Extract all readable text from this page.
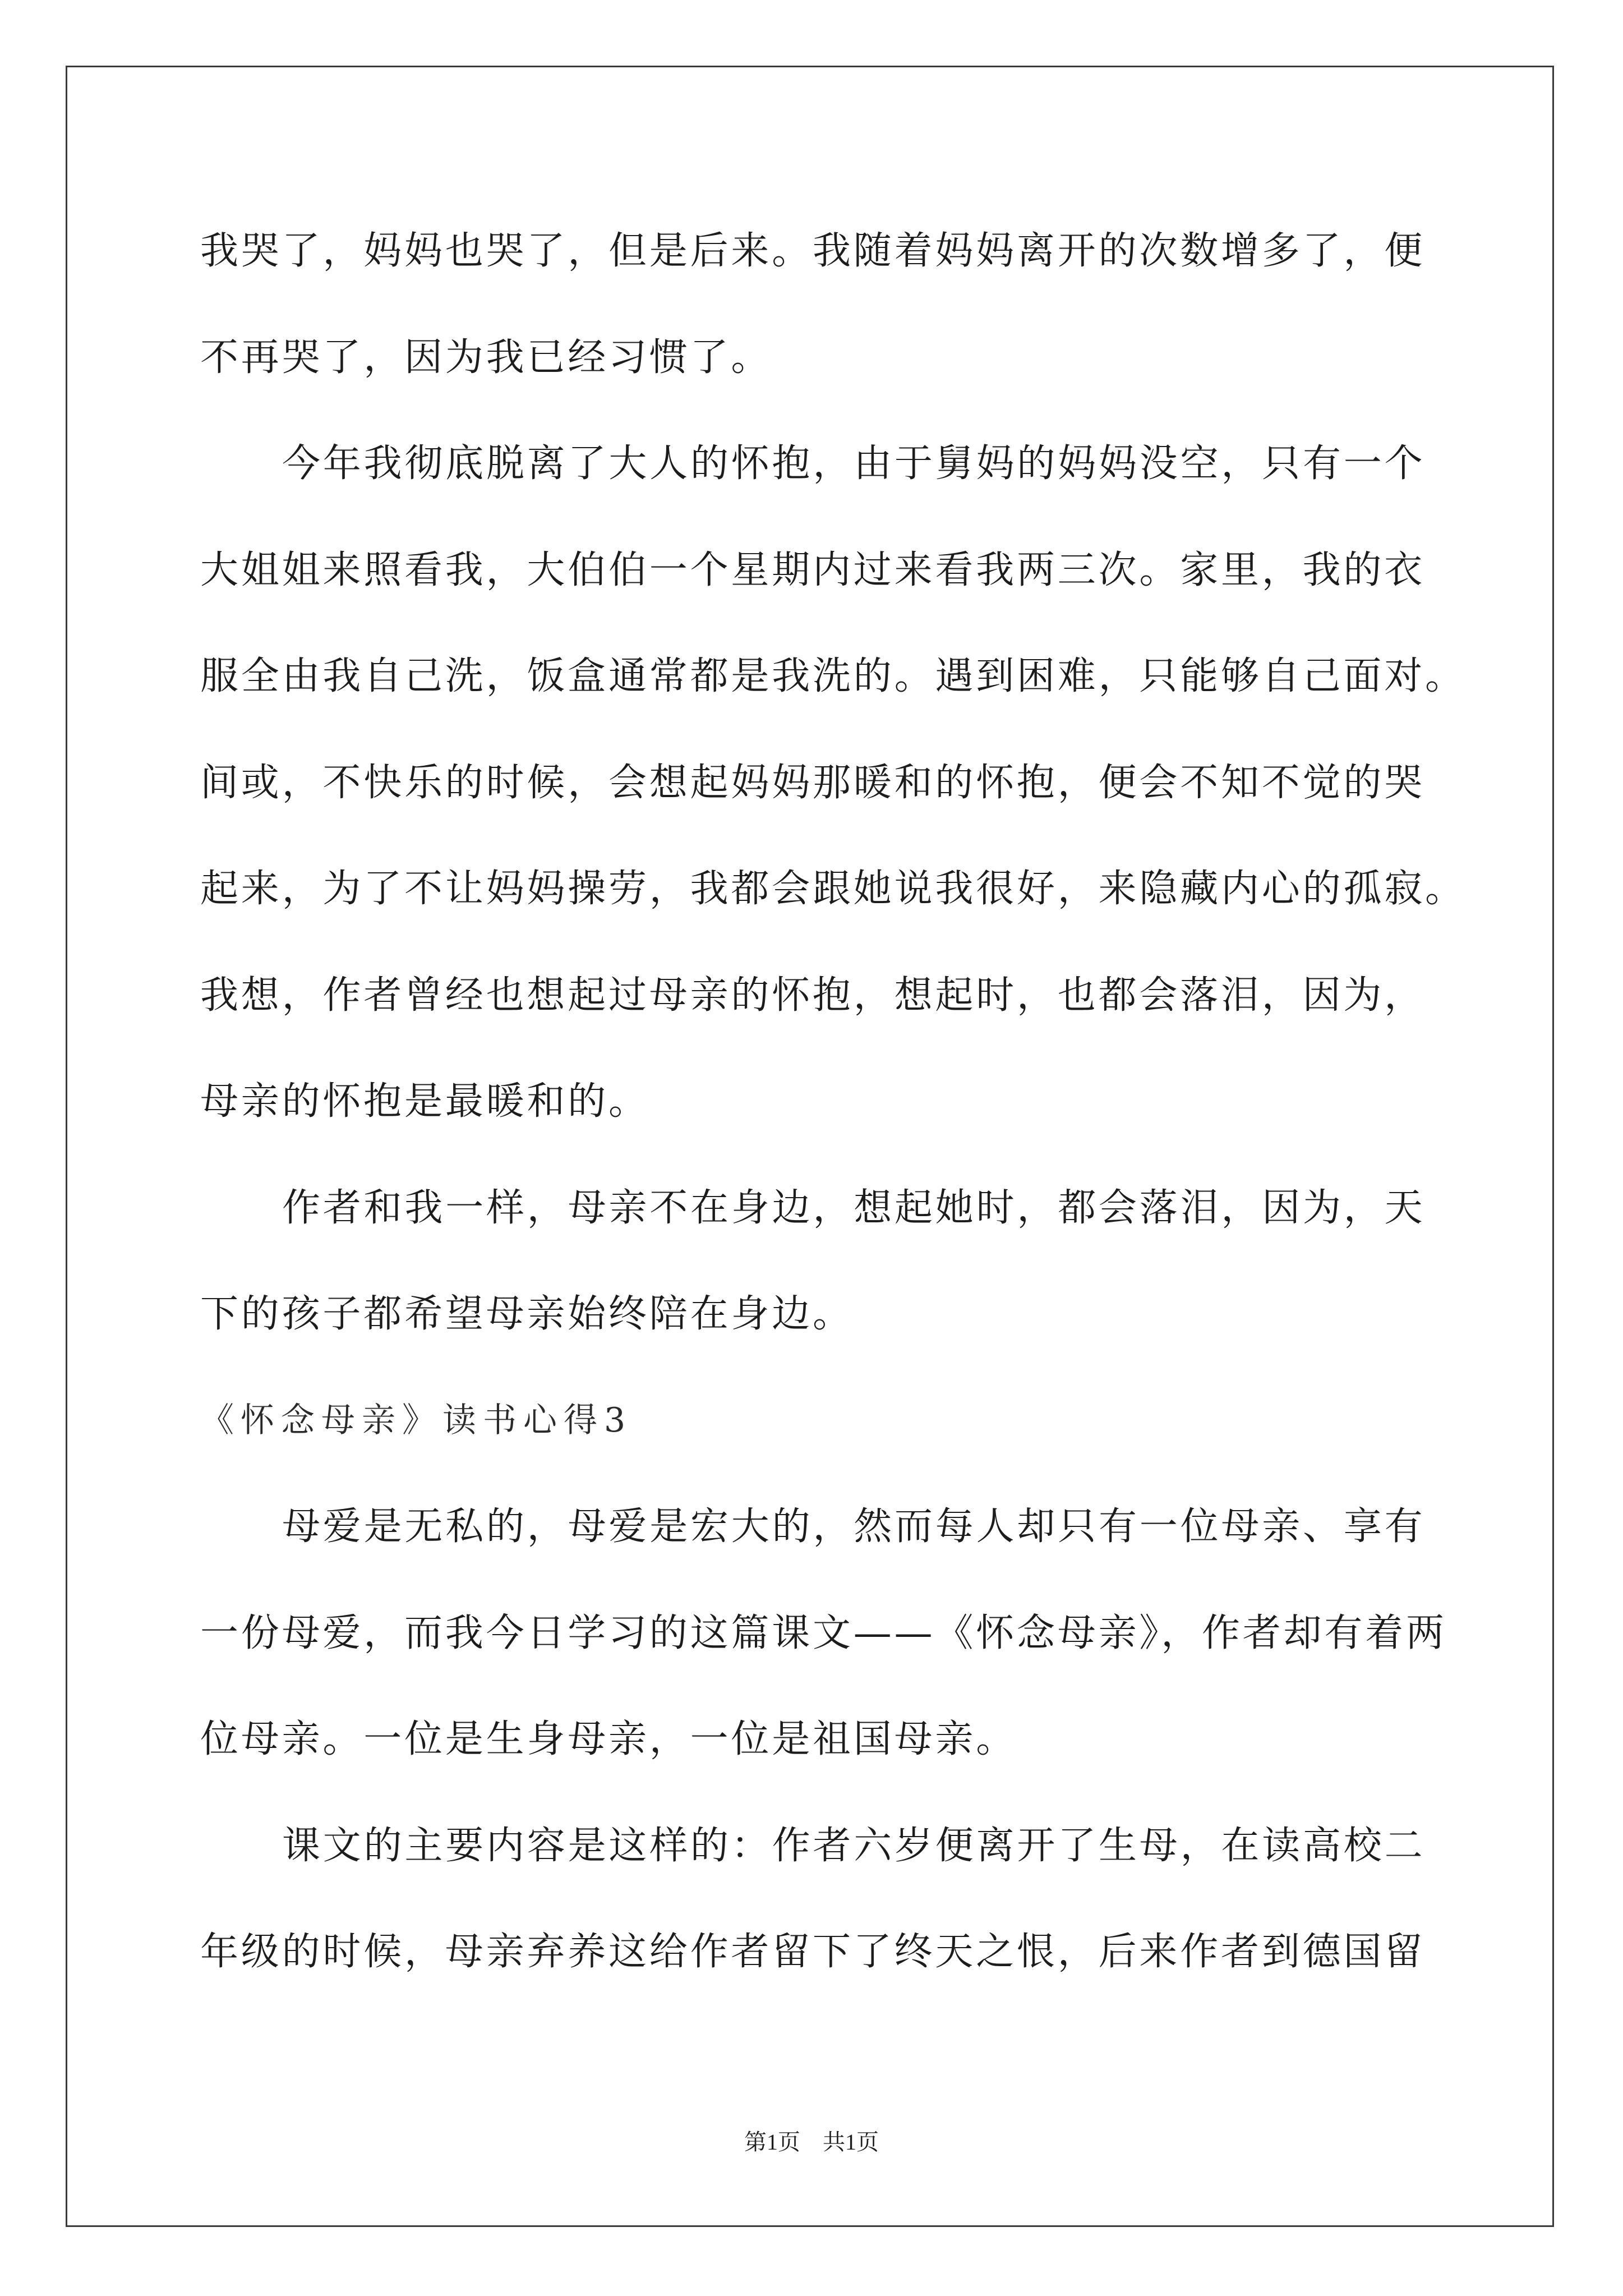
我哭了，妈妈也哭了，但是后来。我随着妈妈离开的次数增多了，便
不再哭了，因为我已经习惯了。
今年我彻底脱离了大人的怀抱，由于舅妈的妈妈没空，只有一个
大姐姐来照看我，大伯伯一个星期内过来看我两三次。家里，我的衣
服全由我自己洗，饭盒通常都是我洗的。遇到困难，只能够自己面对。
间或，不快乐的时候，会想起妈妈那暖和的怀抱，便会不知不觉的哭
起来，为了不让妈妈操劳，我都会跟她说我很好，来隐藏内心的孤寂。
我想，作者曾经也想起过母亲的怀抱，想起时，也都会落泪，因为，
母亲的怀抱是最暖和的。
作者和我一样，母亲不在身边，想起她时，都会落泪，因为，天
下的孩子都希望母亲始终陪在身边。
《怀念母亲》读书心得3
母爱是无私的，母爱是宏大的，然而每人却只有一位母亲、享有
一份母爱，而我今日学习的这篇课文——《怀念母亲》，作者却有着两
位母亲。一位是生身母亲，一位是祖国母亲。
课文的主要内容是这样的：作者六岁便离开了生母，在读高校二
年级的时候，母亲弃养这给作者留下了终天之恨，后来作者到德国留
第1页　共1页
